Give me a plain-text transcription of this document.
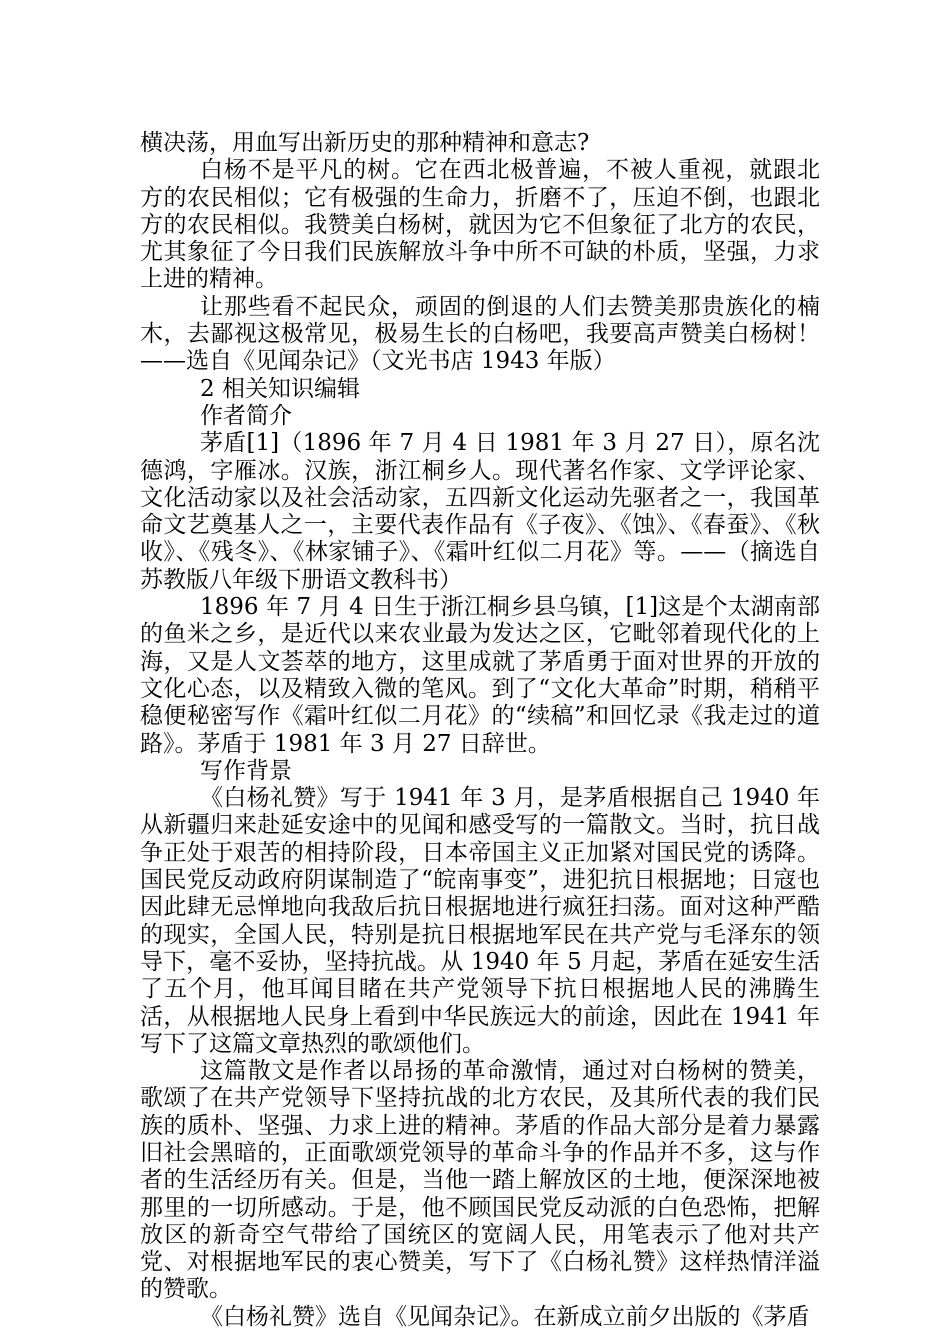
横决荡，用血写出新历史的那种精神和意志?

白杨不是平凡的树。它在西北极普遍，不被人重视，就跟北方的农民相似；它有极强的生命力，折磨不了，压迫不倒，也跟北方的农民相似。我赞美白杨树，就因为它不但象征了北方的农民，尤其象征了今日我们民族解放斗争中所不可缺的朴质，坚强，力求上进的精神。

让那些看不起民众，顽固的倒退的人们去赞美那贵族化的楠木，去鄙视这极常见，极易生长的白杨吧，我要高声赞美白杨树！——选自《见闻杂记》（文光书店 1943 年版）

2 相关知识编辑

作者简介

茅盾[1]（1896 年 7 月 4 日 1981 年 3 月 27 日），原名沈德鸿，字雁冰。汉族，浙江桐乡人。现代著名作家、文学评论家、文化活动家以及社会活动家，五四新文化运动先驱者之一，我国革命文艺奠基人之一，主要代表作品有《子夜》、《蚀》、《春蚕》、《秋收》、《残冬》、《林家铺子》、《霜叶红似二月花》等。——（摘选自苏教版八年级下册语文教科书）

1896 年 7 月 4 日生于浙江桐乡县乌镇，[1]这是个太湖南部的鱼米之乡，是近代以来农业最为发达之区，它毗邻着现代化的上海，又是人文荟萃的地方，这里成就了茅盾勇于面对世界的开放的文化心态，以及精致入微的笔风。到了“文化大革命”时期，稍稍平稳便秘密写作《霜叶红似二月花》的“续稿”和回忆录《我走过的道路》。茅盾于 1981 年 3 月 27 日辞世。

写作背景

《白杨礼赞》写于 1941 年 3 月，是茅盾根据自己 1940 年从新疆归来赴延安途中的见闻和感受写的一篇散文。当时，抗日战争正处于艰苦的相持阶段，日本帝国主义正加紧对国民党的诱降。国民党反动政府阴谋制造了“皖南事变”，进犯抗日根据地；日寇也因此肆无忌惮地向我敌后抗日根据地进行疯狂扫荡。面对这种严酷的现实，全国人民，特别是抗日根据地军民在共产党与毛泽东的领导下，毫不妥协，坚持抗战。从 1940 年 5 月起，茅盾在延安生活了五个月，他耳闻目睹在共产党领导下抗日根据地人民的沸腾生活，从根据地人民身上看到中华民族远大的前途，因此在 1941 年写下了这篇文章热烈的歌颂他们。

这篇散文是作者以昂扬的革命激情，通过对白杨树的赞美，歌颂了在共产党领导下坚持抗战的北方农民，及其所代表的我们民族的质朴、坚强、力求上进的精神。茅盾的作品大部分是着力暴露旧社会黑暗的，正面歌颂党领导的革命斗争的作品并不多，这与作者的生活经历有关。但是，当他一踏上解放区的土地，便深深地被那里的一切所感动。于是，他不顾国民党反动派的白色恐怖，把解放区的新奇空气带给了国统区的宽阔人民，用笔表示了他对共产党、对根据地军民的衷心赞美，写下了《白杨礼赞》这样热情洋溢的赞歌。

《白杨礼赞》选自《见闻杂记》。在新成立前夕出版的《茅盾
